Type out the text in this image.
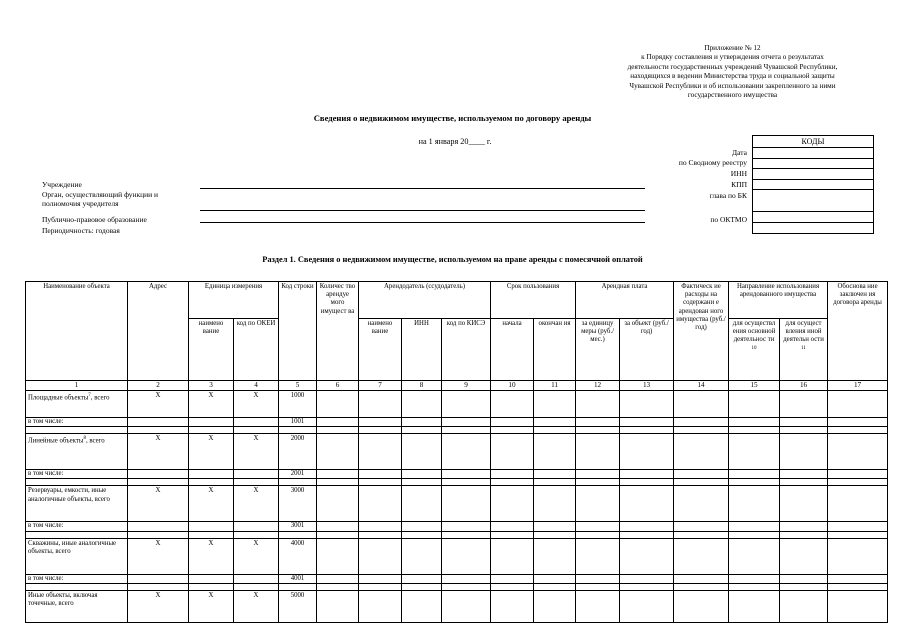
Приложение № 12
к Порядку составления и утверждения отчета о результатах
деятельности государственных учреждений Чувашской Республики,
находящихся в ведении Министерства труда и социальной защиты
Чувашской Республики и об использовании закрепленного за ними
государственного имущества
Сведения о недвижимом имуществе, используемом по договору аренды
на 1 января 20____ г.
Учреждение
Орган, осуществляющий функции и
полномочия учредителя
Публично-правовое образование
Периодичность: годовая
Дата
по Сводному реестру
ИНН
КПП
глава по БК
по ОКТМО
КОДЫ

Раздел 1. Сведения о недвижимом имуществе, используемом на праве аренды с помесячной оплатой
Наименование объекта	Адрес	Единица измерения		Код строки	Количес тво арендуе мого имущест ва	Арендодатель (ссудодатель)			Срок пользования		Арендная плата		Фактическ ие расходы на содержани е арендован ного имущества (руб./год)	Направление использования арендованного имущества		Обоснова ние заключен ия договора аренды
		наимено вание	код по ОКЕИ			наимено вание	ИНН	код по КИСЭ	начала	окончан ия	за единицу меры (руб./ мес.)	за объект (руб./год)		для осуществл ения основной деятельнос ти $^{10}$	для осущест вления иной деятельн ости $^{11}$
1	2	3	4	5	6	7	8	9	10	11	12	13	14	15	16	17
Площадные объекты$^7$, всего	X	X	X	1000												
в том числе:				1001												

Линейные объекты$^8$, всего	X	X	X	2000												
в том числе:				2001												

Резервуары, емкости, иные аналогичные объекты, всего	X	X	X	3000												
в том числе:				3001												

Скважины, иные аналогичные объекты, всего	X	X	X	4000												
в том числе:				4001												

Иные объекты, включая точечные, всего	X	X	X	5000												
